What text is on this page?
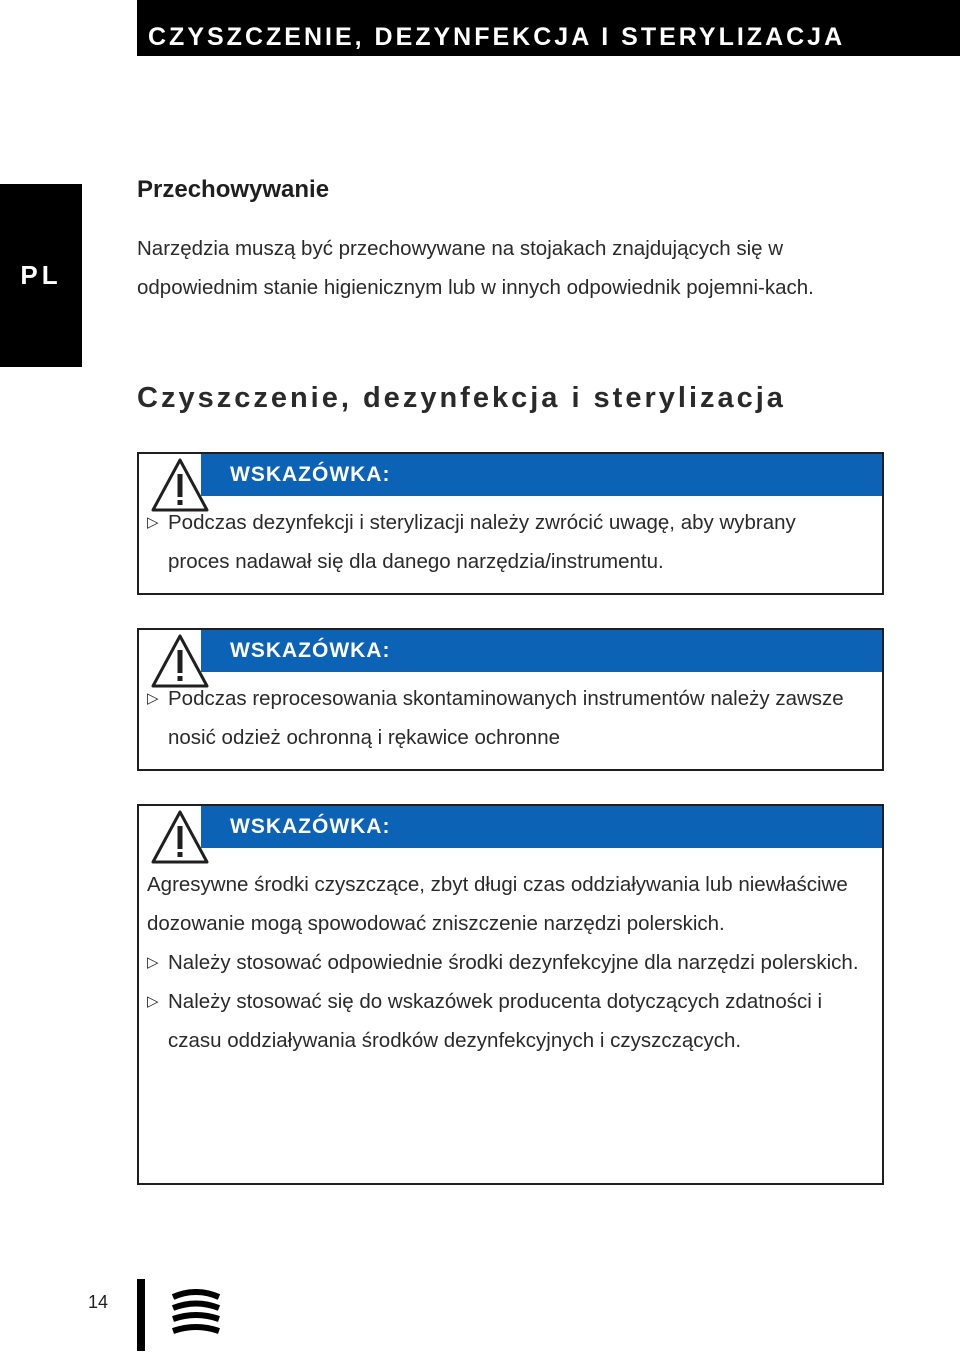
CZYSZCZENIE, DEZYNFEKCJA I STERYLIZACJA
PL
Przechowywanie
Narzędzia muszą być przechowywane na stojakach znajdujących się w odpowiednim stanie higienicznym lub w innych odpowiednik pojemni-kach.
Czyszczenie, dezynfekcja i sterylizacja
WSKAZÓWKA:
▷ Podczas dezynfekcji i sterylizacji należy zwrócić uwagę, aby wybrany proces nadawał się dla danego narzędzia/instrumentu.
WSKAZÓWKA:
▷ Podczas reprocesowania skontaminowanych instrumentów należy zawsze nosić odzież ochronną i rękawice ochronne
WSKAZÓWKA:
Agresywne środki czyszczące, zbyt długi czas oddziaływania lub niewłaściwe dozowanie mogą spowodować zniszczenie narzędzi polerskich.
▷ Należy stosować odpowiednie środki dezynfekcyjne dla narzędzi polerskich.
▷ Należy stosować się do wskazówek producenta dotyczących zdatności i czasu oddziaływania środków dezynfekcyjnych i czyszczących.
14
